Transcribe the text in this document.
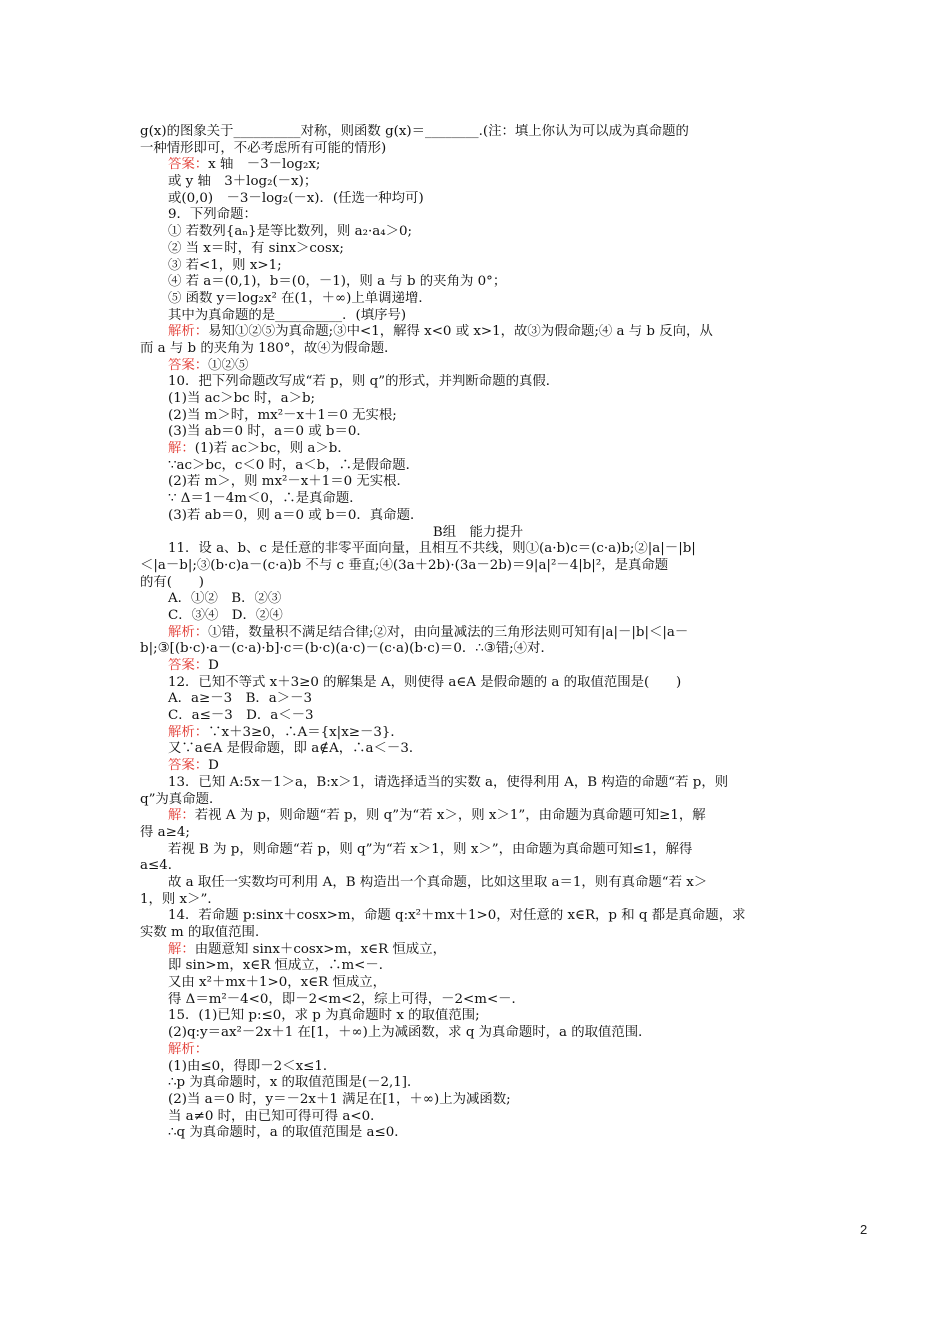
g(x)的图象关于__________对称，则函数 g(x)＝________.(注：填上你认为可以成为真命题的
一种情形即可，不必考虑所有可能的情形)
答案：x 轴　－3－log₂x;
或 y 轴　3＋log₂(－x)；
或(0,0)　－3－log₂(－x)．(任选一种均可)
9．下列命题：
① 若数列{aₙ}是等比数列，则 a₂·a₄＞0;
② 当 x＝时，有 sinx＞cosx;
③ 若<1，则 x>1;
④ 若 a＝(0,1)，b＝(0，－1)，则 a 与 b 的夹角为 0°；
⑤ 函数 y＝log₂x² 在(1，＋∞)上单调递增．
其中为真命题的是__________．(填序号)
解析：易知①②⑤为真命题;③中<1，解得 x<0 或 x>1，故③为假命题;④ a 与 b 反向，从
而 a 与 b 的夹角为 180°，故④为假命题．
答案：①②⑤
10．把下列命题改写成“若 p，则 q”的形式，并判断命题的真假．
(1)当 ac＞bc 时，a＞b;
(2)当 m＞时，mx²－x＋1＝0 无实根;
(3)当 ab＝0 时，a＝0 或 b＝0．
解：(1)若 ac＞bc，则 a＞b．
∵ac＞bc，c＜0 时，a＜b，∴是假命题．
(2)若 m＞，则 mx²－x＋1＝0 无实根．
∵ Δ＝1－4m＜0，∴是真命题．
(3)若 ab＝0，则 a＝0 或 b＝0．真命题．
B组　能力提升
11．设 a、b、c 是任意的非零平面向量，且相互不共线，则①(a·b)c＝(c·a)b;②|a|－|b|
＜|a－b|;③(b·c)a－(c·a)b 不与 c 垂直;④(3a＋2b)·(3a－2b)＝9|a|²－4|b|²，是真命题
的有(　　)
A．①②　B．②③
C．③④　D．②④
解析：①错，数量积不满足结合律;②对，由向量减法的三角形法则可知有|a|－|b|＜|a－
b|;③[(b·c)·a－(c·a)·b]·c＝(b·c)(a·c)－(c·a)(b·c)＝0．∴③错;④对．
答案：D
12．已知不等式 x＋3≥0 的解集是 A，则使得 a∈A 是假命题的 a 的取值范围是(　　)
A．a≥－3　B．a＞－3
C．a≤－3　D．a＜－3
解析：∵x＋3≥0，∴A＝{x|x≥－3}．
又∵a∈A 是假命题，即 a∉A，∴a＜－3．
答案：D
13．已知 A:5x－1＞a，B:x＞1，请选择适当的实数 a，使得利用 A，B 构造的命题“若 p，则
q”为真命题．
解：若视 A 为 p，则命题“若 p，则 q”为“若 x＞，则 x＞1”，由命题为真命题可知≥1，解
得 a≥4;
若视 B 为 p，则命题“若 p，则 q”为“若 x＞1，则 x＞”，由命题为真命题可知≤1，解得
a≤4．
故 a 取任一实数均可利用 A，B 构造出一个真命题，比如这里取 a＝1，则有真命题“若 x＞
1，则 x＞”．
14．若命题 p:sinx＋cosx>m，命题 q:x²＋mx＋1>0，对任意的 x∈R，p 和 q 都是真命题，求
实数 m 的取值范围．
解：由题意知 sinx＋cosx>m，x∈R 恒成立，
即 sin>m，x∈R 恒成立，∴m<－．
又由 x²＋mx＋1>0，x∈R 恒成立，
得 Δ＝m²－4<0，即－2<m<2，综上可得，－2<m<－．
15．(1)已知 p:≤0，求 p 为真命题时 x 的取值范围;
(2)q:y＝ax²－2x＋1 在[1，＋∞)上为减函数，求 q 为真命题时，a 的取值范围．
解析：
(1)由≤0，得即－2＜x≤1．
∴p 为真命题时，x 的取值范围是(－2,1]．
(2)当 a＝0 时，y＝－2x＋1 满足在[1，＋∞)上为减函数;
当 a≠0 时，由已知可得可得 a<0．
∴q 为真命题时，a 的取值范围是 a≤0．
2
